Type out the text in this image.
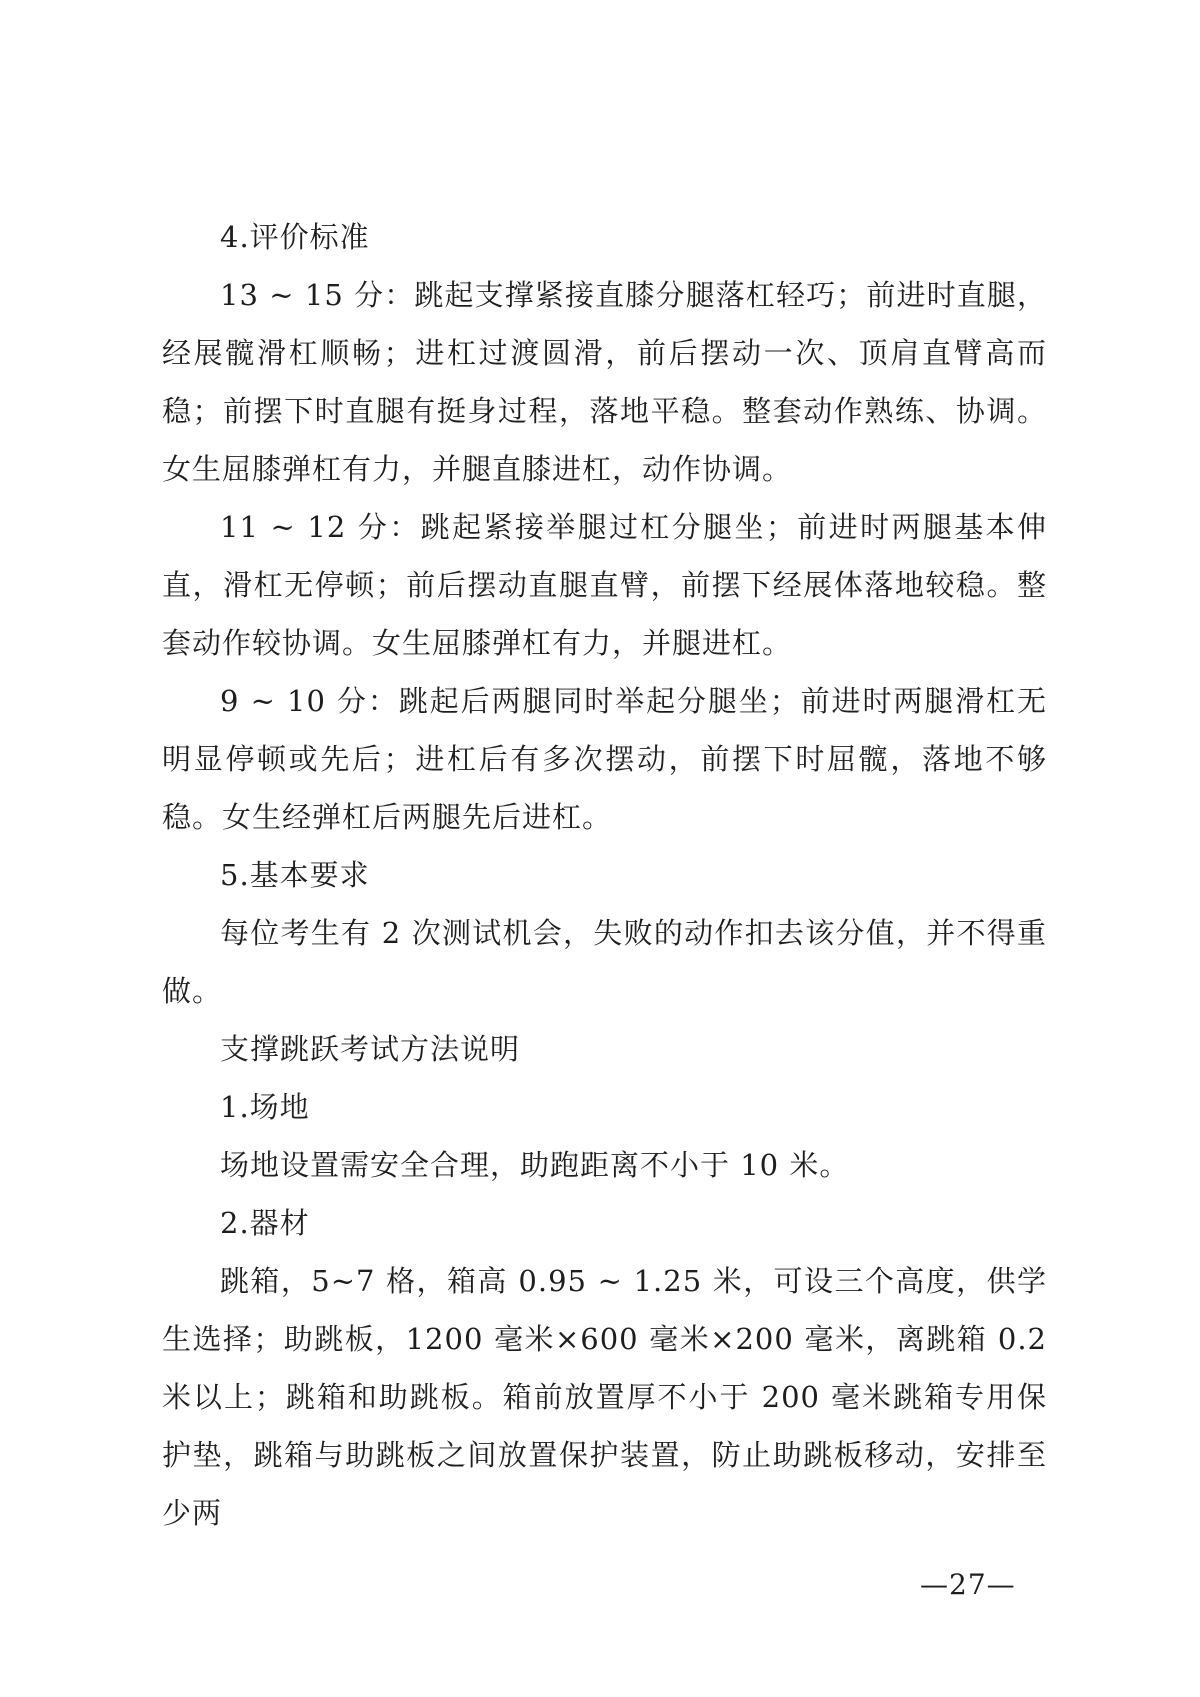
4.评价标准

13 ~ 15 分：跳起支撑紧接直膝分腿落杠轻巧；前进时直腿，经展髋滑杠顺畅；进杠过渡圆滑，前后摆动一次、顶肩直臂高而稳；前摆下时直腿有挺身过程，落地平稳。整套动作熟练、协调。女生屈膝弹杠有力，并腿直膝进杠，动作协调。

11 ~ 12 分：跳起紧接举腿过杠分腿坐；前进时两腿基本伸直，滑杠无停顿；前后摆动直腿直臂，前摆下经展体落地较稳。整套动作较协调。女生屈膝弹杠有力，并腿进杠。

9 ~ 10 分：跳起后两腿同时举起分腿坐；前进时两腿滑杠无明显停顿或先后；进杠后有多次摆动，前摆下时屈髋，落地不够稳。女生经弹杠后两腿先后进杠。

5.基本要求

每位考生有 2 次测试机会，失败的动作扣去该分值，并不得重做。

支撑跳跃考试方法说明

1.场地

场地设置需安全合理，助跑距离不小于 10 米。

2.器材

跳箱，5~7 格，箱高 0.95 ~ 1.25 米，可设三个高度，供学生选择；助跳板，1200 毫米×600 毫米×200 毫米，离跳箱 0.2 米以上；跳箱和助跳板。箱前放置厚不小于 200 毫米跳箱专用保护垫，跳箱与助跳板之间放置保护装置，防止助跳板移动，安排至少两

—27—
